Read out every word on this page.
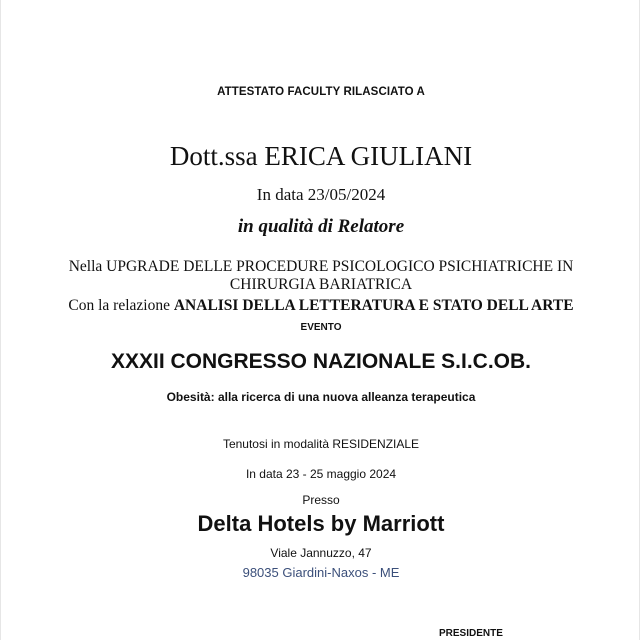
ATTESTATO FACULTY RILASCIATO A

Dott.ssa ERICA GIULIANI

In data 23/05/2024

in qualità di Relatore

Nella UPGRADE DELLE PROCEDURE PSICOLOGICO PSICHIATRICHE IN

CHIRURGIA BARIATRICA

Con la relazione ANALISI DELLA LETTERATURA E STATO DELL ARTE

EVENTO

XXXII CONGRESSO NAZIONALE S.I.C.OB.

Obesità: alla ricerca di una nuova alleanza terapeutica

Tenutosi in modalità RESIDENZIALE

In data 23 - 25 maggio 2024

Presso

Delta Hotels by Marriott

Viale Jannuzzo, 47

98035 Giardini-Naxos - ME

PRESIDENTE
